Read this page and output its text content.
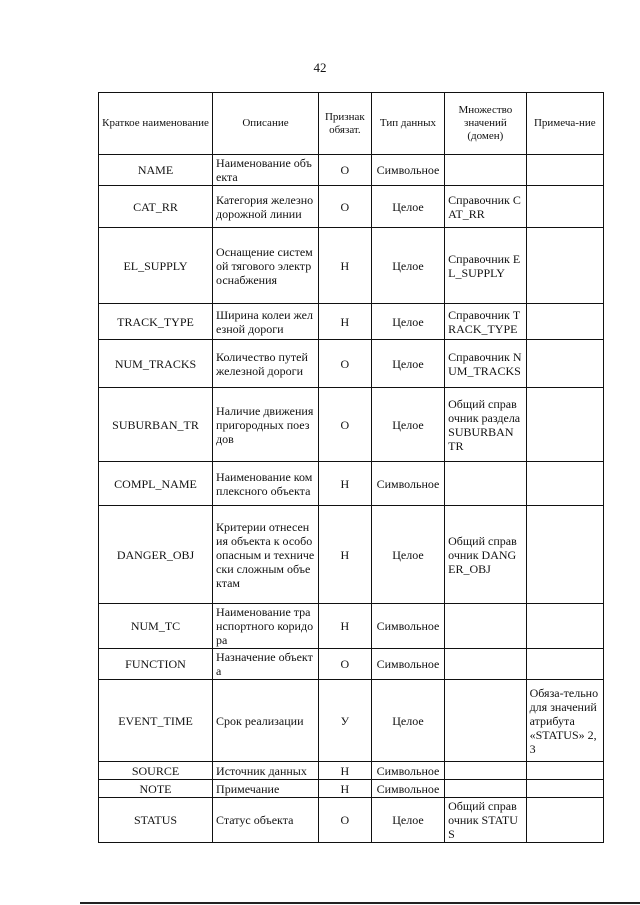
42
Краткое наименование	Описание	Признак обязат.	Тип данных	Множество значений (домен)	Примеча-ние
NAME	Наименование объекта	О	Символьное		
CAT_RR	Категория железнодорожной линии	О	Целое	Справочник CAT_RR	
EL_SUPPLY	Оснащение системой тягового электроснабжения	Н	Целое	Справочник EL_SUPPLY	
TRACK_TYPE	Ширина колеи железной дороги	Н	Целое	Справочник TRACK_TYPE	
NUM_TRACKS	Количество путей железной дороги	О	Целое	Справочник NUM_TRACKS	
SUBURBAN_TR	Наличие движения пригородных поездов	О	Целое	Общий справочник раздела SUBURBAN TR	
COMPL_NAME	Наименование комплексного объекта	Н	Символьное		
DANGER_OBJ	Критерии отнесения объекта к особо опасным и технически сложным объектам	Н	Целое	Общий справочник DANGER_OBJ	
NUM_TC	Наименование транспортного коридора	Н	Символьное		
FUNCTION	Назначение объекта	О	Символьное		
EVENT_TIME	Срок реализации	У	Целое		Обяза-тельно для значений атрибута «STATUS» 2, 3
SOURCE	Источник данных	Н	Символьное		
NOTE	Примечание	Н	Символьное		
STATUS	Статус объекта	О	Целое	Общий справочник STATUS	
